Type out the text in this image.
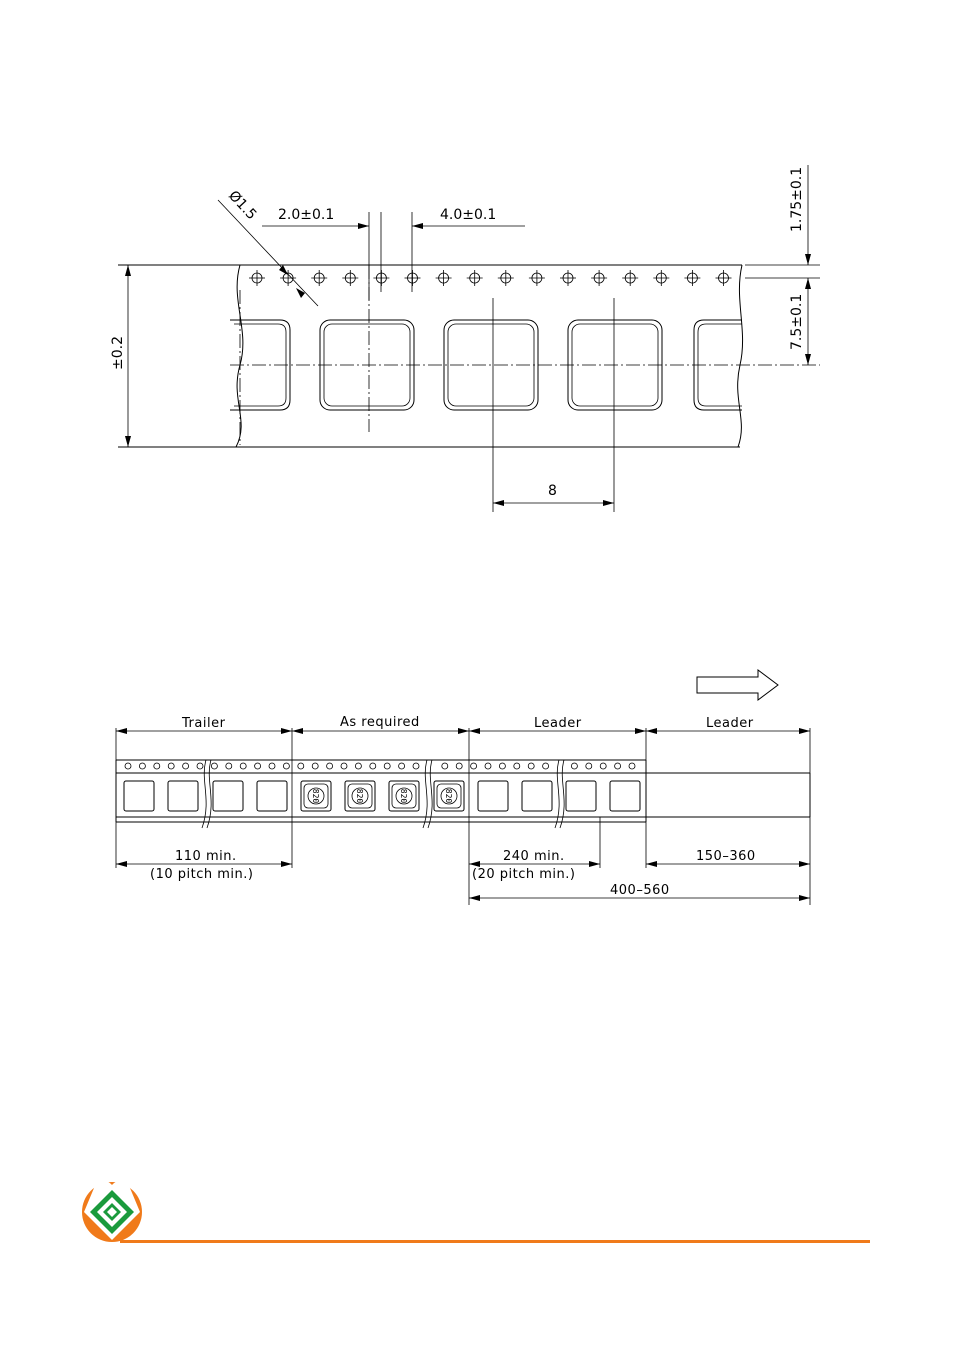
2.0±0.1	4.0±0.1
Ø1.5
±0.2
1.75±0.1
7.5±0.1
8
Trailer	As required	Leader	Leader
820	820	820	820
110 min.
(10 pitch min.)
240 min.
(20 pitch min.)
150–360
400–560
